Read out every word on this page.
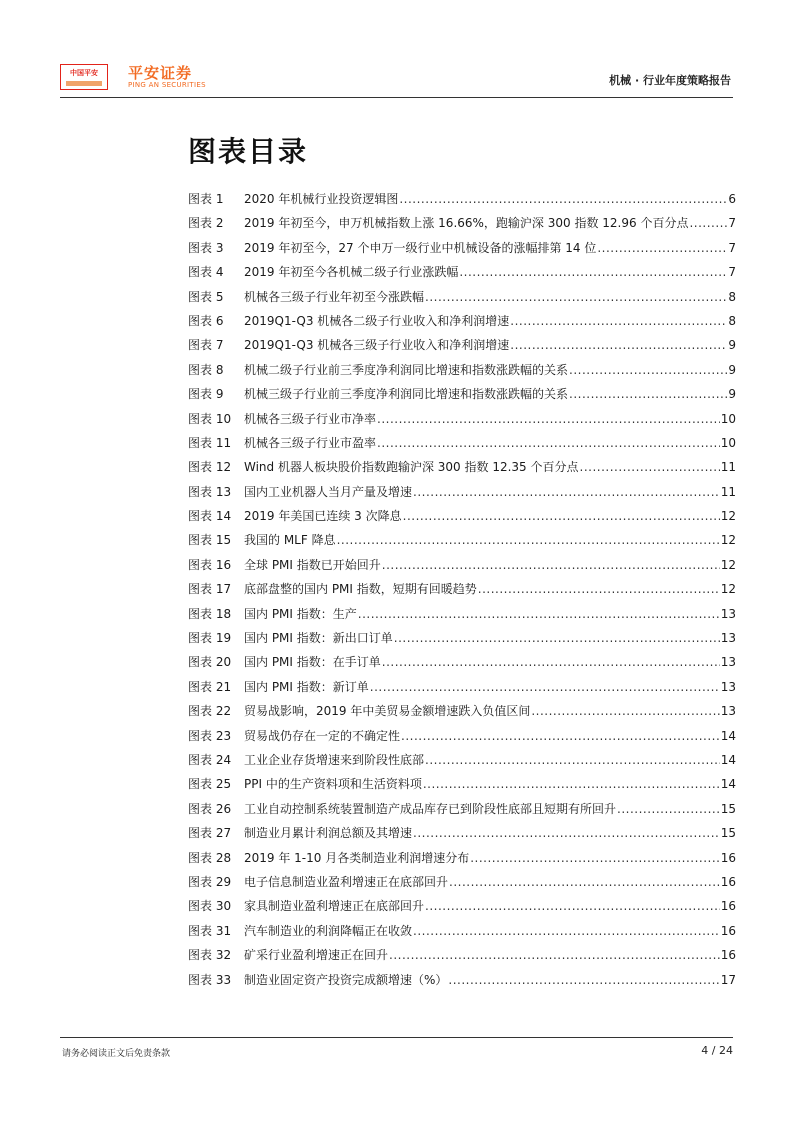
中国平安	平安证券
PING AN SECURITIES	机械 · 行业年度策略报告
图表目录
图表 1	2020 年机械行业投资逻辑图 .....	6
图表 2	2019 年初至今，申万机械指数上涨 16.66%，跑输沪深 300 指数 12.96 个百分点 .....	7
图表 3	2019 年初至今，27 个申万一级行业中机械设备的涨幅排第 14 位 .....	7
图表 4	2019 年初至今各机械二级子行业涨跌幅 .....	7
图表 5	机械各三级子行业年初至今涨跌幅 .....	8
图表 6	2019Q1-Q3 机械各二级子行业收入和净利润增速 .....	8
图表 7	2019Q1-Q3 机械各三级子行业收入和净利润增速 .....	9
图表 8	机械二级子行业前三季度净利润同比增速和指数涨跌幅的关系 .....	9
图表 9	机械三级子行业前三季度净利润同比增速和指数涨跌幅的关系 .....	9
图表 10	机械各三级子行业市净率 .....	10
图表 11	机械各三级子行业市盈率 .....	10
图表 12	Wind 机器人板块股价指数跑输沪深 300 指数 12.35 个百分点 .....	11
图表 13	国内工业机器人当月产量及增速 .....	11
图表 14	2019 年美国已连续 3 次降息 .....	12
图表 15	我国的 MLF 降息 .....	12
图表 16	全球 PMI 指数已开始回升 .....	12
图表 17	底部盘整的国内 PMI 指数，短期有回暖趋势 .....	12
图表 18	国内 PMI 指数：生产 .....	13
图表 19	国内 PMI 指数：新出口订单 .....	13
图表 20	国内 PMI 指数：在手订单 .....	13
图表 21	国内 PMI 指数：新订单 .....	13
图表 22	贸易战影响，2019 年中美贸易金额增速跌入负值区间 .....	13
图表 23	贸易战仍存在一定的不确定性 .....	14
图表 24	工业企业存货增速来到阶段性底部 .....	14
图表 25	PPI 中的生产资料项和生活资料项 .....	14
图表 26	工业自动控制系统装置制造产成品库存已到阶段性底部且短期有所回升 .....	15
图表 27	制造业月累计利润总额及其增速 .....	15
图表 28	2019 年 1-10 月各类制造业利润增速分布 .....	16
图表 29	电子信息制造业盈利增速正在底部回升 .....	16
图表 30	家具制造业盈利增速正在底部回升 .....	16
图表 31	汽车制造业的利润降幅正在收敛 .....	16
图表 32	矿采行业盈利增速正在回升 .....	16
图表 33	制造业固定资产投资完成额增速（%） .....	17
请务必阅读正文后免责条款	4 / 24
